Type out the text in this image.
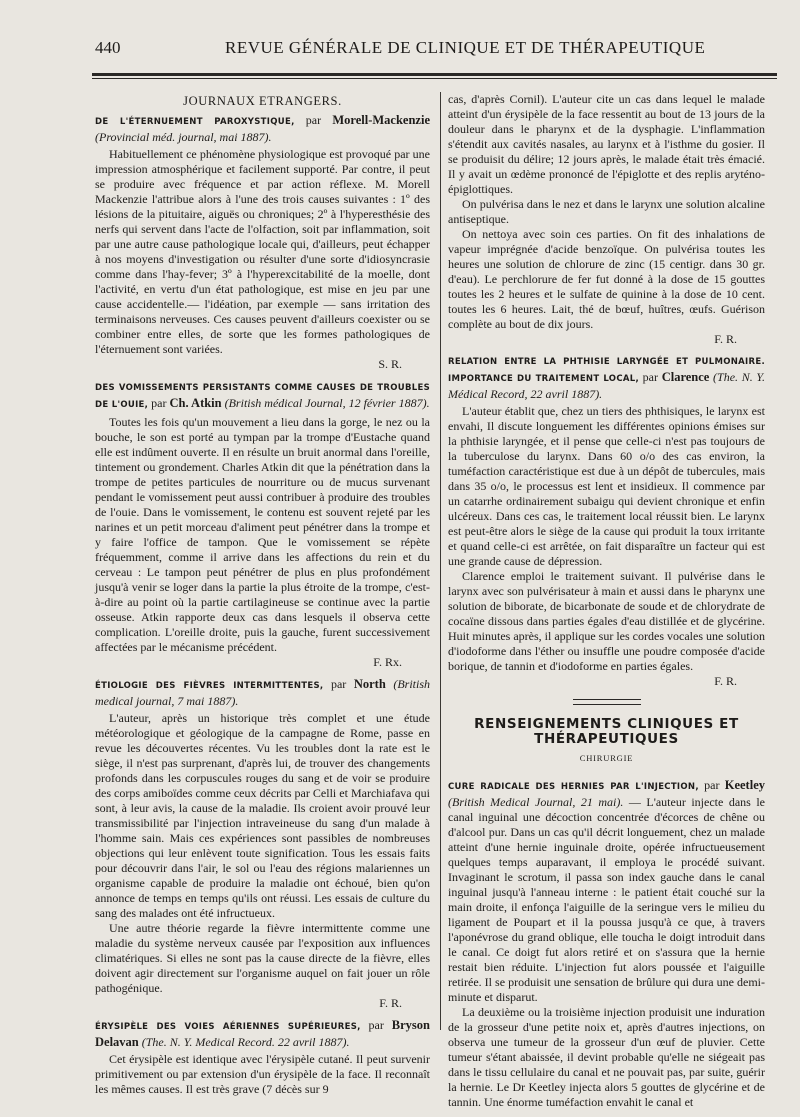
440	REVUE GÉNÉRALE DE CLINIQUE ET DE THÉRAPEUTIQUE
JOURNAUX ETRANGERS.
DE L'ÉTERNUEMENT PAROXYSTIQUE, par Morell-Mackenzie (Provincial méd. journal, mai 1887).

Habituellement ce phénomène physiologique est provoqué par une impression atmosphérique et facilement supporté. Par contre, il peut se produire avec fréquence et par action réflexe. M. Morell Mackenzie l'attribue alors à l'une des trois causes suivantes : 1º des lésions de la pituitaire, aiguës ou chroniques; 2º à l'hyperesthésie des nerfs qui servent dans l'acte de l'olfaction, soit par inflammation, soit par une autre cause pathologique locale qui, d'ailleurs, peut échapper à nos moyens d'investigation ou résulter d'une sorte d'idiosyncrasie comme dans l'hay-fever; 3º à l'hyperexcitabilité de la moelle, dont l'activité, en vertu d'un état pathologique, est mise en jeu par une cause accidentelle.— l'idéation, par exemple — sans irritation des terminaisons nerveuses. Ces causes peuvent d'ailleurs coexister ou se combiner entre elles, de sorte que les formes pathologiques de l'éternuement sont variées.

S. R.

DES VOMISSEMENTS PERSISTANTS COMME CAUSES DE TROUBLES DE L'OUIE, par Ch. Atkin (British médical Journal, 12 février 1887).

Toutes les fois qu'un mouvement a lieu dans la gorge, le nez ou la bouche, le son est porté au tympan par la trompe d'Eustache quand elle est indûment ouverte. Il en résulte un bruit anormal dans l'oreille, tintement ou grondement. Charles Atkin dit que la pénétration dans la trompe de petites particules de nourriture ou de mucus survenant pendant le vomissement peut aussi contribuer à produire des troubles de l'ouie. Dans le vomissement, le contenu est souvent rejeté par les narines et un petit morceau d'aliment peut pénétrer dans la trompe et y faire l'office de tampon. Que le vomissement se répète fréquemment, comme il arrive dans les affections du rein et du cerveau : Le tampon peut pénétrer de plus en plus profondément jusqu'à venir se loger dans la partie la plus étroite de la trompe, c'est-à-dire au point où la partie cartilagineuse se continue avec la partie osseuse. Atkin rapporte deux cas dans lesquels il observa cette complication. L'oreille droite, puis la gauche, furent successivement affectées par le mécanisme précédent.

F. Rx.

ÉTIOLOGIE DES FIÈVRES INTERMITTENTES, par North (British medical journal, 7 mai 1887).

L'auteur, après un historique très complet et une étude météorologique et géologique de la campagne de Rome, passe en revue les découvertes récentes. Vu les troubles dont la rate est le siège, il n'est pas surprenant, d'après lui, de trouver des changements profonds dans les corpuscules rouges du sang et de voir se produire des corps amiboïdes comme ceux décrits par Celli et Marchiafava qui sont, à leur avis, la cause de la maladie. Ils croient avoir prouvé leur transmissibilité par l'injection intraveineuse du sang d'un malade à l'homme sain. Mais ces expériences sont passibles de nombreuses objections qui leur enlèvent toute signification. Tous les essais faits pour découvrir dans l'air, le sol ou l'eau des régions malariennes un organisme capable de produire la maladie ont échoué, bien qu'on annonce de temps en temps qu'ils ont réussi. Les essais de culture du sang des malades ont été infructueux.

Une autre théorie regarde la fièvre intermittente comme une maladie du système nerveux causée par l'exposition aux influences climatériques. Si elles ne sont pas la cause directe de la fièvre, elles doivent agir directement sur l'organisme auquel on fait jouer un rôle pathogénique.

F. R.

ÉRYSIPÈLE DES VOIES AÉRIENNES SUPÉRIEURES, par Bryson Delavan (The. N. Y. Medical Record. 22 avril 1887).

Cet érysipèle est identique avec l'érysipèle cutané. Il peut survenir primitivement ou par extension d'un érysipèle de la face. Il reconnaît les mêmes causes. Il est très grave (7 décès sur 9

cas, d'après Cornil). L'auteur cite un cas dans lequel le malade atteint d'un érysipèle de la face ressentit au bout de 13 jours de la douleur dans le pharynx et de la dysphagie. L'inflammation s'étendit aux cavités nasales, au larynx et à l'isthme du gosier. Il se produisit du délire; 12 jours après, le malade était très émacié. Il y avait un œdème prononcé de l'épiglotte et des replis aryténo-épiglottiques.

On pulvérisa dans le nez et dans le larynx une solution alcaline antiseptique.

On nettoya avec soin ces parties. On fit des inhalations de vapeur imprégnée d'acide benzoïque. On pulvérisa toutes les heures une solution de chlorure de zinc (15 centigr. dans 30 gr. d'eau). Le perchlorure de fer fut donné à la dose de 15 gouttes toutes les 2 heures et le sulfate de quinine à la dose de 10 cent. toutes les 6 heures. Lait, thé de bœuf, huîtres, œufs. Guérison complète au bout de dix jours.

F. R.

RELATION ENTRE LA PHTHISIE LARYNGÉE ET PULMONAIRE. IMPORTANCE DU TRAITEMENT LOCAL, par Clarence (The. N. Y. Médical Record, 22 avril 1887).

L'auteur établit que, chez un tiers des phthisiques, le larynx est envahi, Il discute longuement les différentes opinions émises sur la phthisie laryngée, et il pense que celle-ci n'est pas toujours de la tuberculose du larynx. Dans 60 o/o des cas environ, la tuméfaction caractéristique est due à un dépôt de tubercules, mais dans 35 o/o, le processus est lent et insidieux. Il commence par un catarrhe ordinairement subaigu qui devient chronique et enfin ulcéreux. Dans ces cas, le traitement local réussit bien. Le larynx est peut-être alors le siège de la cause qui produit la toux irritante et quand celle-ci est arrêtée, on fait disparaître un facteur qui est une grande cause de dépression.

Clarence emploi le traitement suivant. Il pulvérise dans le larynx avec son pulvérisateur à main et aussi dans le pharynx une solution de biborate, de bicarbonate de soude et de chlorydrate de cocaïne dissous dans parties égales d'eau distillée et de glycérine. Huit minutes après, il applique sur les cordes vocales une solution d'iodoforme dans l'éther ou insuffle une poudre composée d'acide borique, de tannin et d'iodoforme en parties égales.

F. R.

RENSEIGNEMENTS CLINIQUES ET THÉRAPEUTIQUES
CHIRURGIE

CURE RADICALE DES HERNIES PAR L'INJECTION, par Keetley (British Medical Journal, 21 mai). — L'auteur injecte dans le canal inguinal une décoction concentrée d'écorces de chêne ou d'alcool pur. Dans un cas qu'il décrit longuement, chez un malade atteint d'une hernie inguinale droite, opérée infructueusement quelques temps auparavant, il employa le procédé suivant. Invaginant le scrotum, il passa son index gauche dans le canal inguinal jusqu'à l'anneau interne : le patient était couché sur la main droite, il enfonça l'aiguille de la seringue vers le milieu du ligament de Poupart et il la poussa jusqu'à ce que, à travers l'aponévrose du grand oblique, elle toucha le doigt introduit dans le canal. Ce doigt fut alors retiré et on s'assura que la hernie restait bien réduite. L'injection fut alors poussée et l'aiguille retirée. Il se produisit une sensation de brûlure qui dura une demi-minute et disparut.

La deuxième ou la troisième injection produisit une induration de la grosseur d'une petite noix et, après d'autres injections, on observa une tumeur de la grosseur d'un œuf de pluvier. Cette tumeur s'étant abaissée, il devint probable qu'elle ne siégeait pas dans le tissu cellulaire du canal et ne pouvait pas, par suite, guérir la hernie. Le Dr Keetley injecta alors 5 gouttes de glycérine et de tannin. Une énorme tuméfaction envahit le canal et
